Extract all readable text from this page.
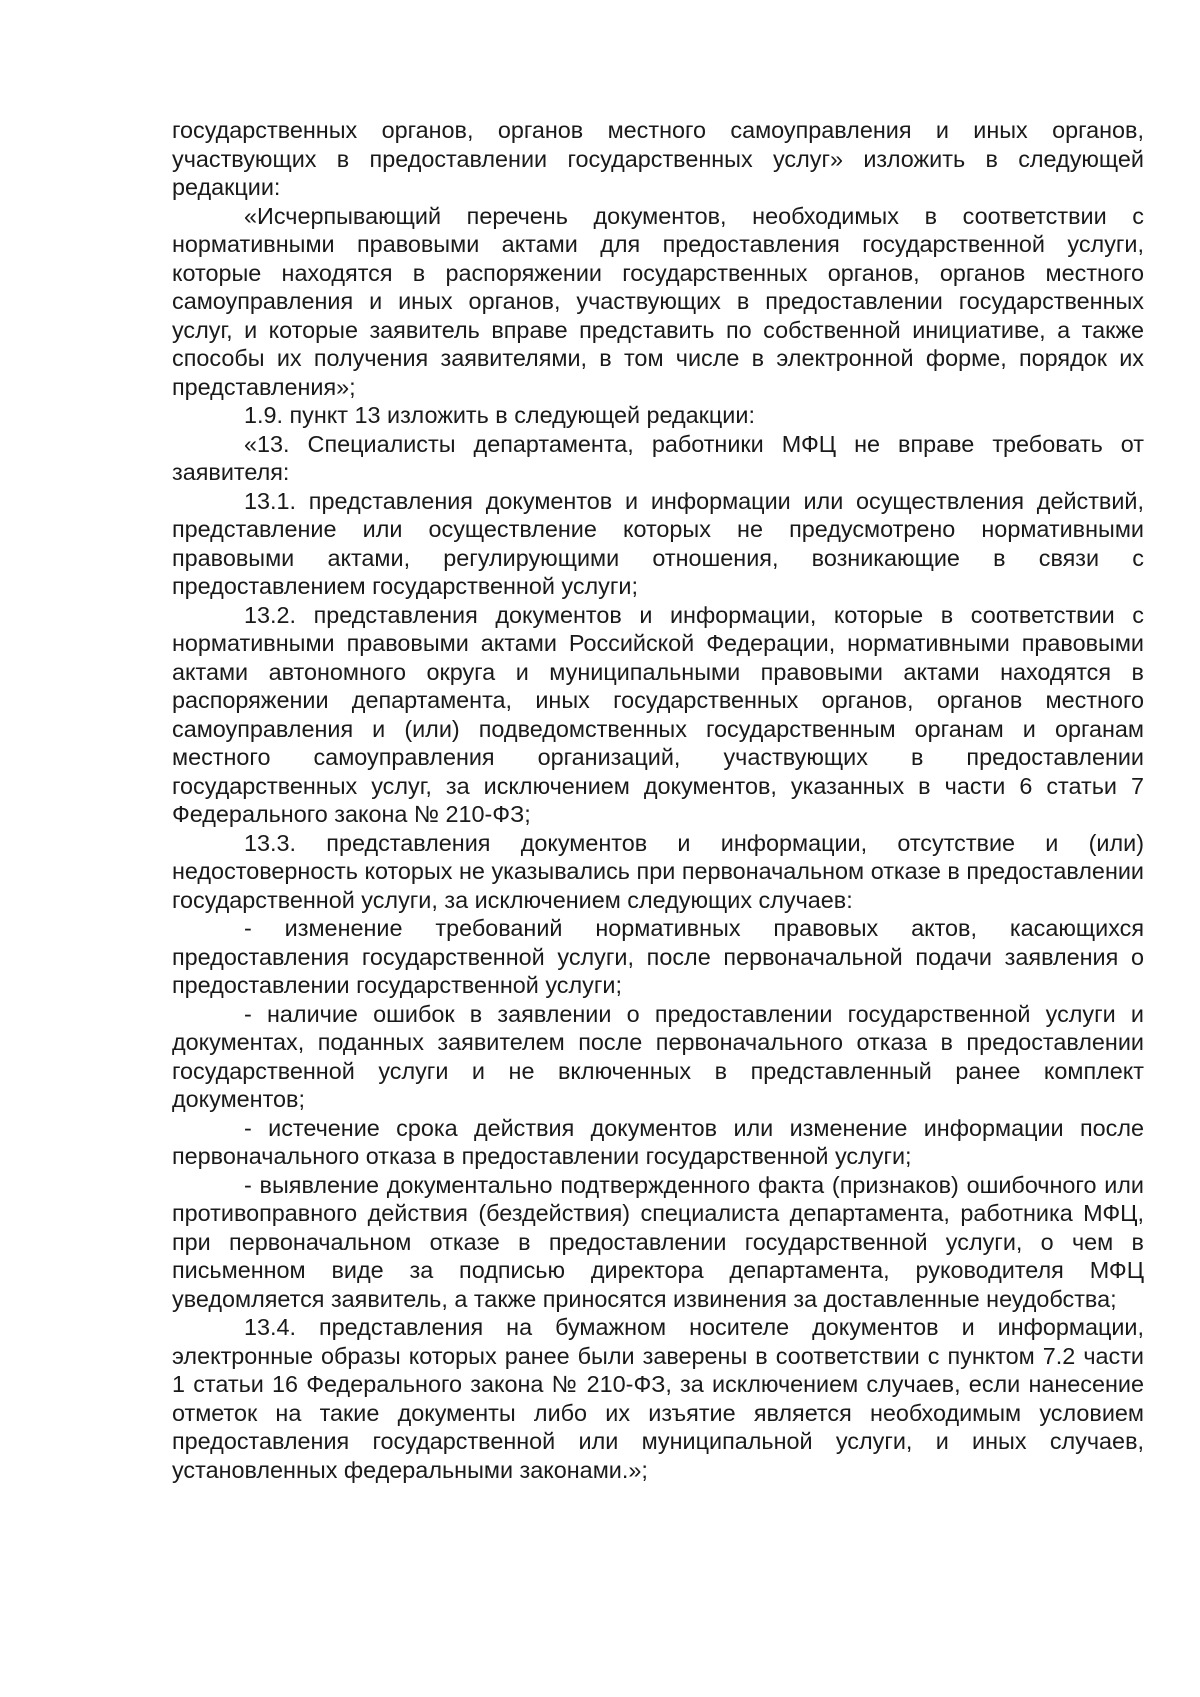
государственных органов, органов местного самоуправления и иных органов, участвующих в предоставлении государственных услуг» изложить в следующей редакции:

«Исчерпывающий перечень документов, необходимых в соответствии с нормативными правовыми актами для предоставления государственной услуги, которые находятся в распоряжении государственных органов, органов местного самоуправления и иных органов, участвующих в предоставлении государственных услуг, и которые заявитель вправе представить по собственной инициативе, а также способы их получения заявителями, в том числе в электронной форме, порядок их представления»;

1.9. пункт 13 изложить в следующей редакции:

«13. Специалисты департамента, работники МФЦ не вправе требовать от заявителя:

13.1. представления документов и информации или осуществления действий, представление или осуществление которых не предусмотрено нормативными правовыми актами, регулирующими отношения, возникающие в связи с предоставлением государственной услуги;

13.2. представления документов и информации, которые в соответствии с нормативными правовыми актами Российской Федерации, нормативными правовыми актами автономного округа и муниципальными правовыми актами находятся в распоряжении департамента, иных государственных органов, органов местного самоуправления и (или) подведомственных государственным органам и органам местного самоуправления организаций, участвующих в предоставлении государственных услуг, за исключением документов, указанных в части 6 статьи 7 Федерального закона № 210-ФЗ;

13.3. представления документов и информации, отсутствие и (или) недостоверность которых не указывались при первоначальном отказе в предоставлении государственной услуги, за исключением следующих случаев:

- изменение требований нормативных правовых актов, касающихся предоставления государственной услуги, после первоначальной подачи заявления о предоставлении государственной услуги;

- наличие ошибок в заявлении о предоставлении государственной услуги и документах, поданных заявителем после первоначального отказа в предоставлении государственной услуги и не включенных в представленный ранее комплект документов;

- истечение срока действия документов или изменение информации после первоначального отказа в предоставлении государственной услуги;

- выявление документально подтвержденного факта (признаков) ошибочного или противоправного действия (бездействия) специалиста департамента, работника МФЦ, при первоначальном отказе в предоставлении государственной услуги, о чем в письменном виде за подписью директора департамента, руководителя МФЦ уведомляется заявитель, а также приносятся извинения за доставленные неудобства;

13.4. представления на бумажном носителе документов и информации, электронные образы которых ранее были заверены в соответствии с пунктом 7.2 части 1 статьи 16 Федерального закона № 210-ФЗ, за исключением случаев, если нанесение отметок на такие документы либо их изъятие является необходимым условием предоставления государственной или муниципальной услуги, и иных случаев, установленных федеральными законами.»;
